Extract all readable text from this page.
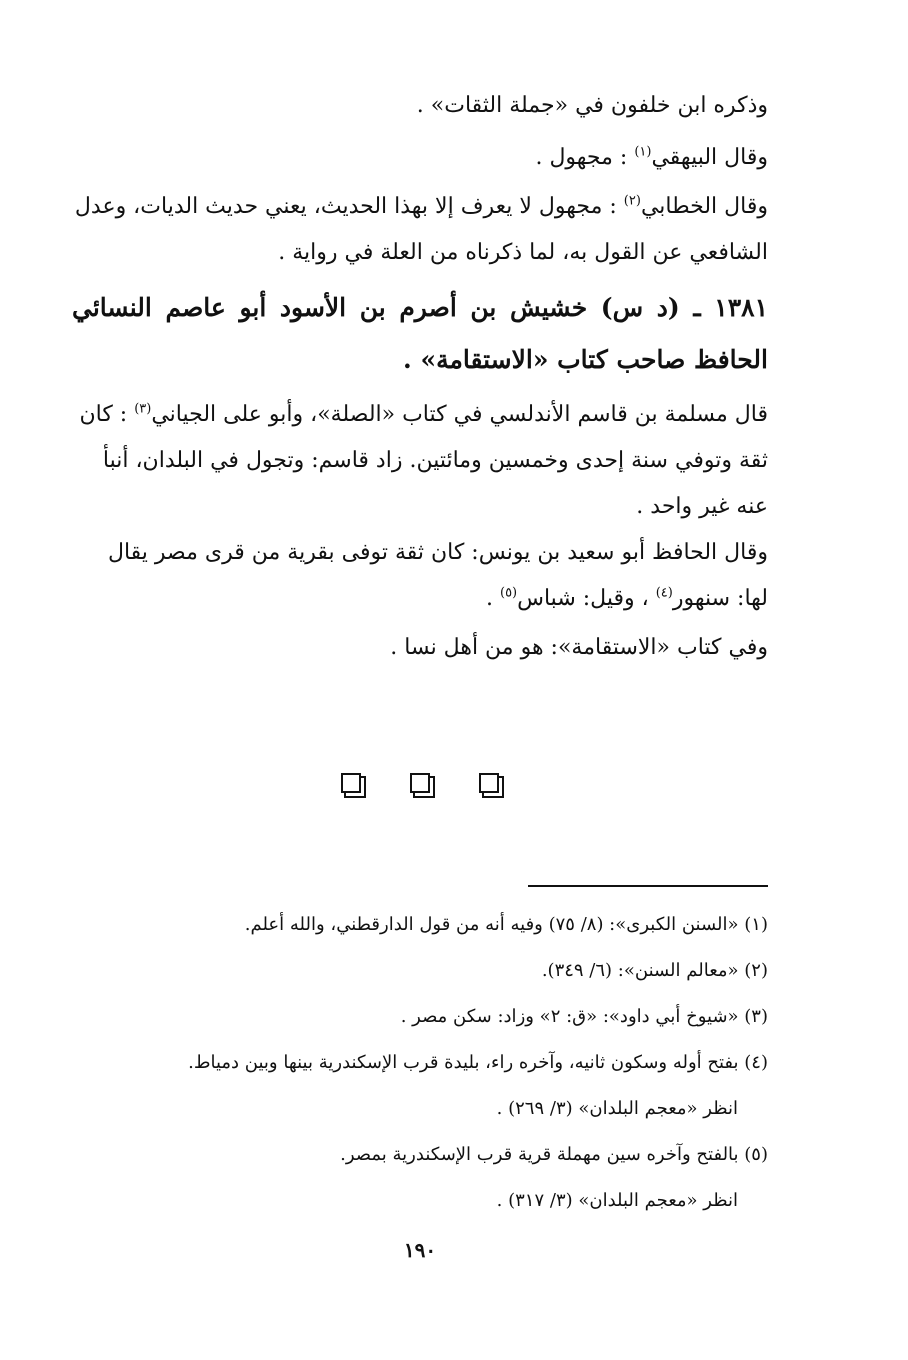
وذكره ابن خلفون في «جملة الثقات» .

وقال البيهقي$^{(١)}$ : مجهول .

وقال الخطابي$^{(٢)}$ : مجهول لا يعرف إلا بهذا الحديث، يعني حديث الديات، وعدل الشافعي عن القول به، لما ذكرناه من العلة في رواية .

١٣٨١ ـ (د س) خشيش بن أصرم بن الأسود أبو عاصم النسائي الحافظ صاحب كتاب «الاستقامة» .

قال مسلمة بن قاسم الأندلسي في كتاب «الصلة»، وأبو على الجياني$^{(٣)}$ : كان ثقة وتوفي سنة إحدى وخمسين ومائتين. زاد قاسم: وتجول في البلدان، أنبأ عنه غير واحد .

وقال الحافظ أبو سعيد بن يونس: كان ثقة توفى بقرية من قرى مصر يقال لها: سنهور$^{(٤)}$ ، وقيل: شباس$^{(٥)}$ .

وفي كتاب «الاستقامة»: هو من أهل نسا .

(١) «السنن الكبرى»: (٨/ ٧٥) وفيه أنه من قول الدارقطني، والله أعلم.

(٢) «معالم السنن»: (٦/ ٣٤٩).

(٣) «شيوخ أبي داود»: «ق: ٢» وزاد: سكن مصر .

(٤) بفتح أوله وسكون ثانيه، وآخره راء، بليدة قرب الإسكندرية بينها وبين دمياط.

انظر «معجم البلدان» (٣/ ٢٦٩) .

(٥) بالفتح وآخره سين مهملة قرية قرب الإسكندرية بمصر.

انظر «معجم البلدان» (٣/ ٣١٧) .

١٩٠
